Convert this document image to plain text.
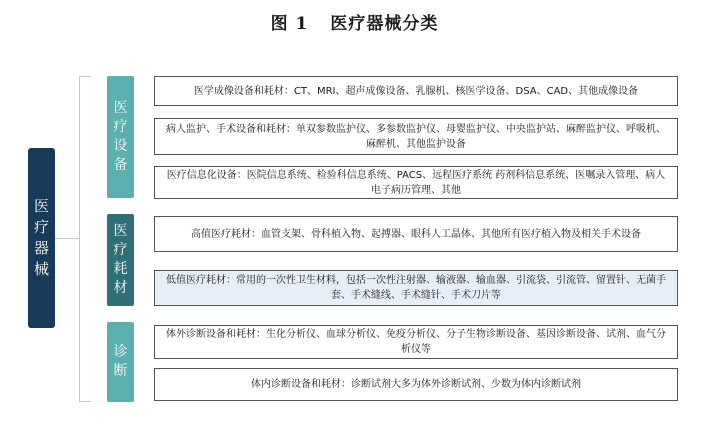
图 1 医疗器械分类
医疗器械
医疗设备
医疗耗材
诊断
医学成像设备和耗材：CT、MRI、超声成像设备、乳腺机、核医学设备、DSA、CAD、其他成像设备
病人监护、手术设备和耗材：单双参数监护仪、多参数监护仪、母婴监护仪、中央监护站、麻醉监护仪、呼吸机、麻醉机、其他监护设备
医疗信息化设备：医院信息系统、检验科信息系统、PACS、远程医疗系统 药剂科信息系统、医嘱录入管理、病人电子病历管理、其他
高值医疗耗材：血管支架、骨科植入物、起搏器、眼科人工晶体、其他所有医疗植入物及相关手术设备
低值医疗耗材：常用的一次性卫生材料，包括一次性注射器、输液器、输血器、引流袋、引流管、留置针、无菌手套、手术缝线、手术缝针、手术刀片等
体外诊断设备和耗材：生化分析仪、血球分析仪、免疫分析仪、分子生物诊断设备、基因诊断设备、试剂、血气分析仪等
体内诊断设备和耗材：诊断试剂大多为体外诊断试剂、少数为体内诊断试剂
